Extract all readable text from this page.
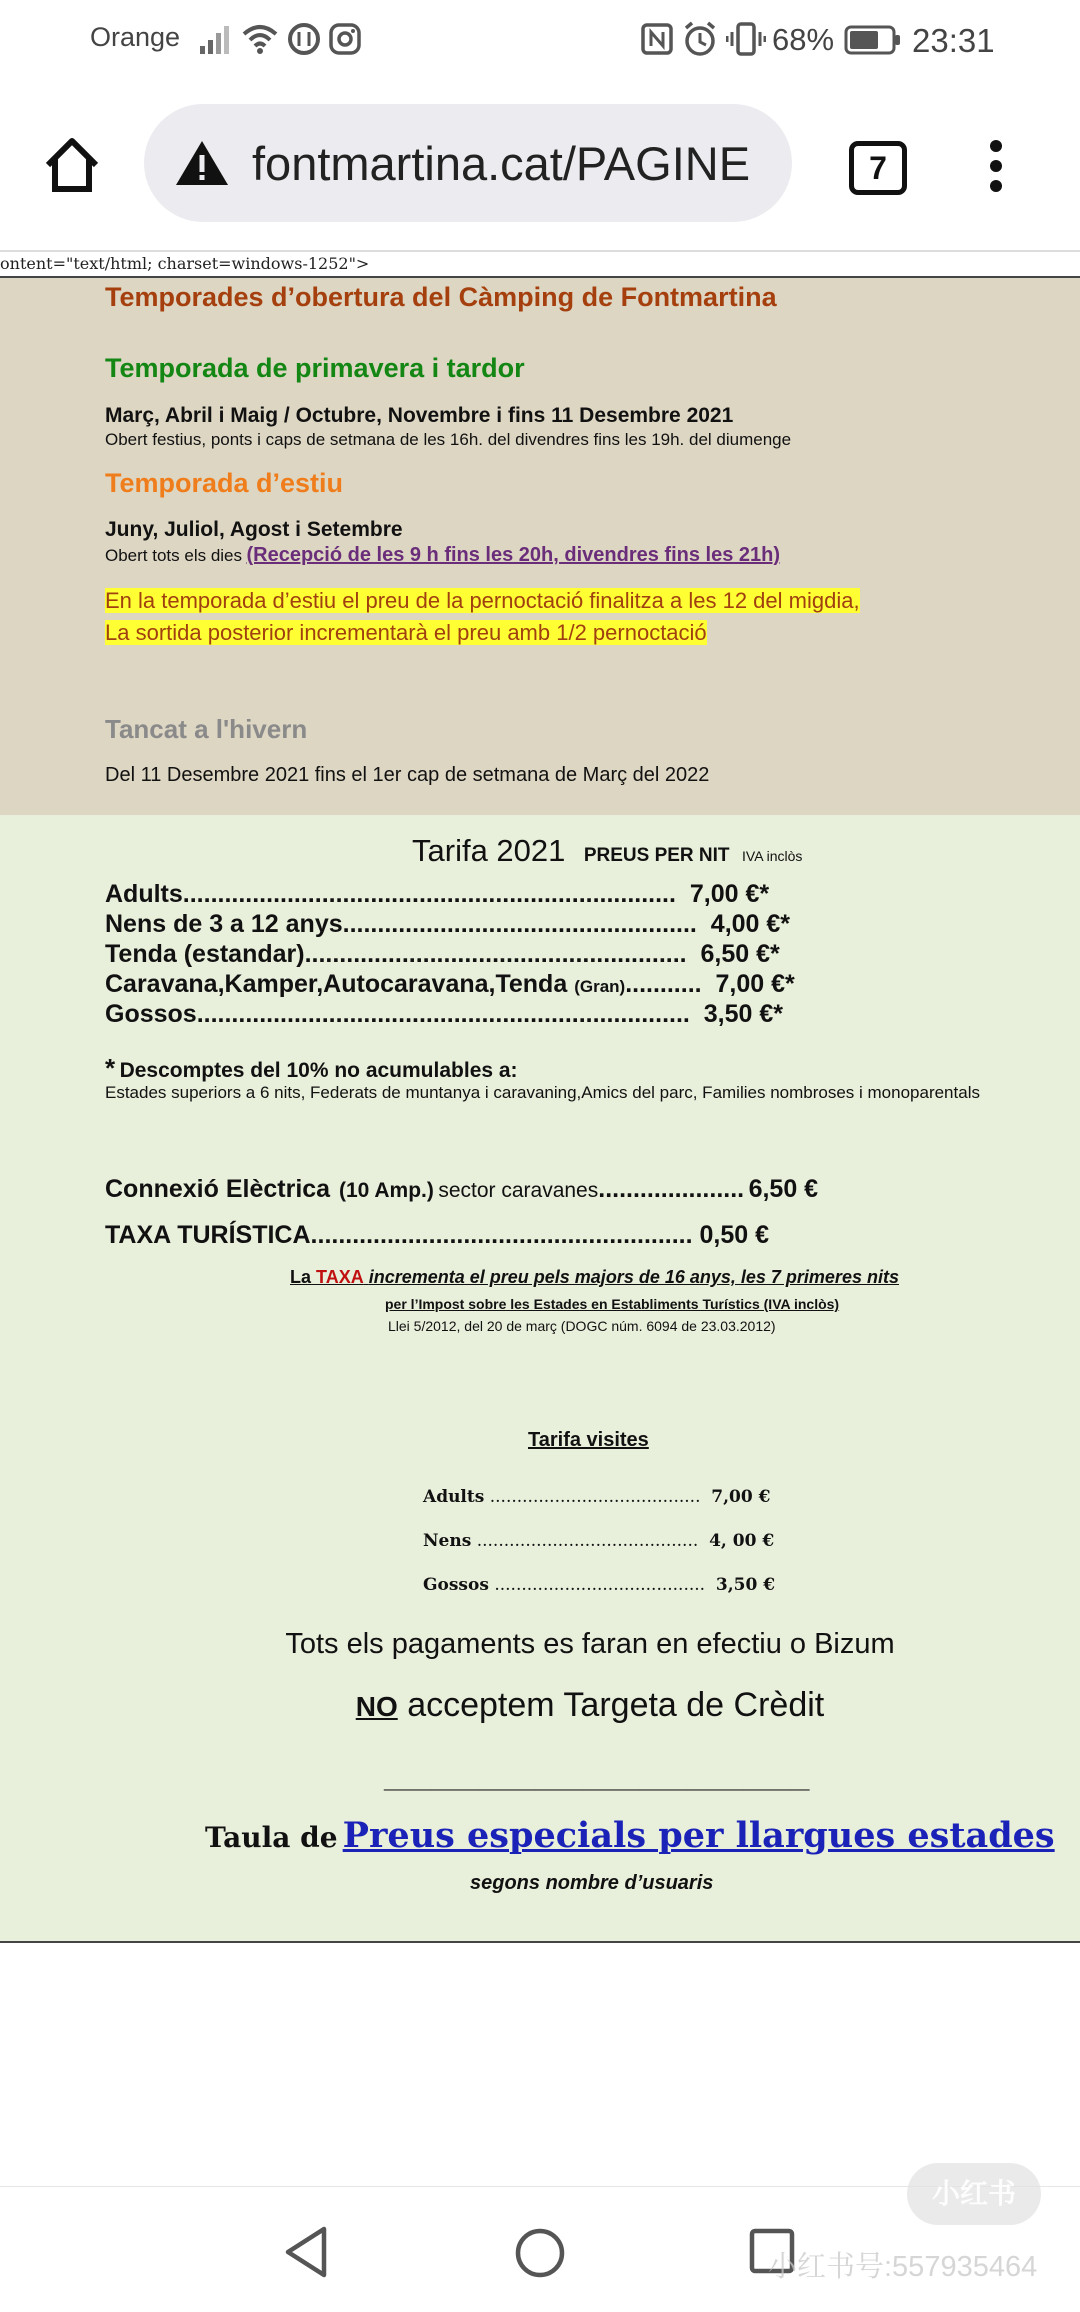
Orange	68% 23:31
fontmartina.cat/PAGINE	7
ontent="text/html; charset=windows-1252">
Temporades d’obertura del Càmping de Fontmartina
Temporada de primavera i tardor
Març, Abril i Maig / Octubre, Novembre i fins 11 Desembre 2021
Obert festius, ponts i caps de setmana de les 16h. del divendres fins les 19h. del diumenge
Temporada d’estiu
Juny, Juliol, Agost i Setembre
Obert tots els dies (Recepció de les 9 h fins les 20h, divendres fins les 21h)
En la temporada d’estiu el preu de la pernoctació finalitza a les 12 del migdia,
La sortida posterior incrementarà el preu amb 1/2 pernoctació
Tancat a l'hivern
Del 11 Desembre 2021 fins el 1er cap de setmana de Març del 2022
Tarifa 2021 PREUS PER NIT IVA inclòs
Adults....................................................................... 7,00 €*
Nens de 3 a 12 anys................................................... 4,00 €*
Tenda (estandar)....................................................... 6,50 €*
Caravana,Kamper,Autocaravana,Tenda (Gran)........... 7,00 €*
Gossos....................................................................... 3,50 €*
* Descomptes del 10% no acumulables a:
Estades superiors a 6 nits, Federats de muntanya i caravaning,Amics del parc, Families nombroses i monoparentals
Connexió Elèctrica (10 Amp.) sector caravanes..................... 6,50 €
TAXA TURÍSTICA....................................................... 0,50 €
La TAXA incrementa el preu pels majors de 16 anys, les 7 primeres nits
per l’Impost sobre les Estades en Establiments Turístics (IVA inclòs)
Llei 5/2012, del 20 de març (DOGC núm. 6094 de 23.03.2012)
Tarifa visites
Adults ....................................... 7,00 €
Nens ......................................... 4, 00 €
Gossos ....................................... 3,50 €
Tots els pagaments es faran en efectiu o Bizum
NO acceptem Targeta de Crèdit
_____________________________________________
Taula de Preus especials per llargues estades
segons nombre d’usuaris
小红书
小红书号:557935464
